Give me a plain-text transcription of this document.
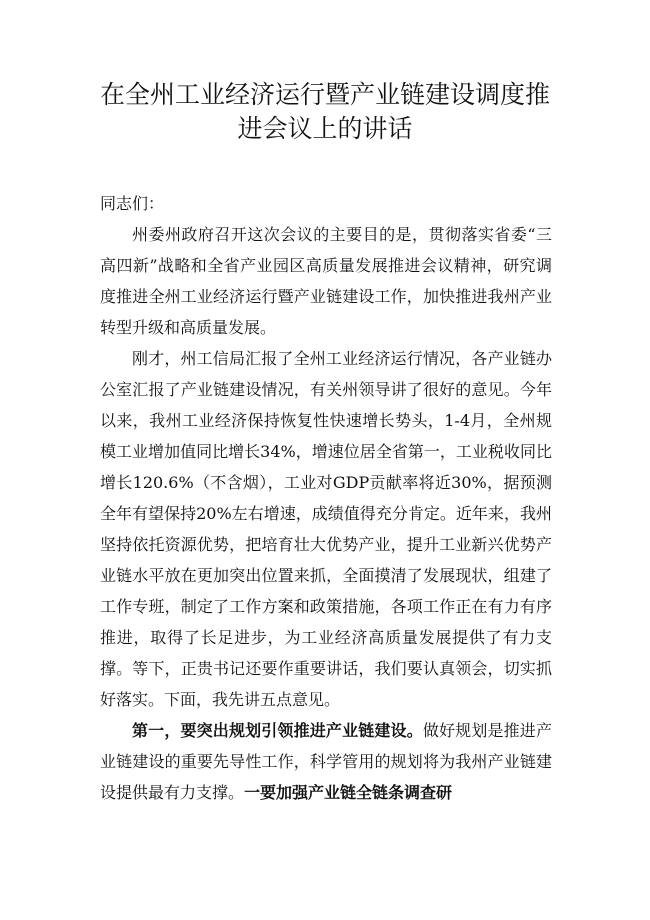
在全州工业经济运行暨产业链建设调度推
进会议上的讲话

同志们：

州委州政府召开这次会议的主要目的是，贯彻落实省委“三高四新”战略和全省产业园区高质量发展推进会议精神，研究调度推进全州工业经济运行暨产业链建设工作，加快推进我州产业转型升级和高质量发展。

刚才，州工信局汇报了全州工业经济运行情况，各产业链办公室汇报了产业链建设情况，有关州领导讲了很好的意见。今年以来，我州工业经济保持恢复性快速增长势头，1-4月，全州规模工业增加值同比增长34%，增速位居全省第一，工业税收同比增长120.6%（不含烟），工业对GDP贡献率将近30%，据预测全年有望保持20%左右增速，成绩值得充分肯定。近年来，我州坚持依托资源优势，把培育壮大优势产业，提升工业新兴优势产业链水平放在更加突出位置来抓，全面摸清了发展现状，组建了工作专班，制定了工作方案和政策措施，各项工作正在有力有序推进，取得了长足进步，为工业经济高质量发展提供了有力支撑。等下，正贵书记还要作重要讲话，我们要认真领会，切实抓好落实。下面，我先讲五点意见。

第一，要突出规划引领推进产业链建设。做好规划是推进产业链建设的重要先导性工作，科学管用的规划将为我州产业链建设提供最有力支撑。一要加强产业链全链条调查研
